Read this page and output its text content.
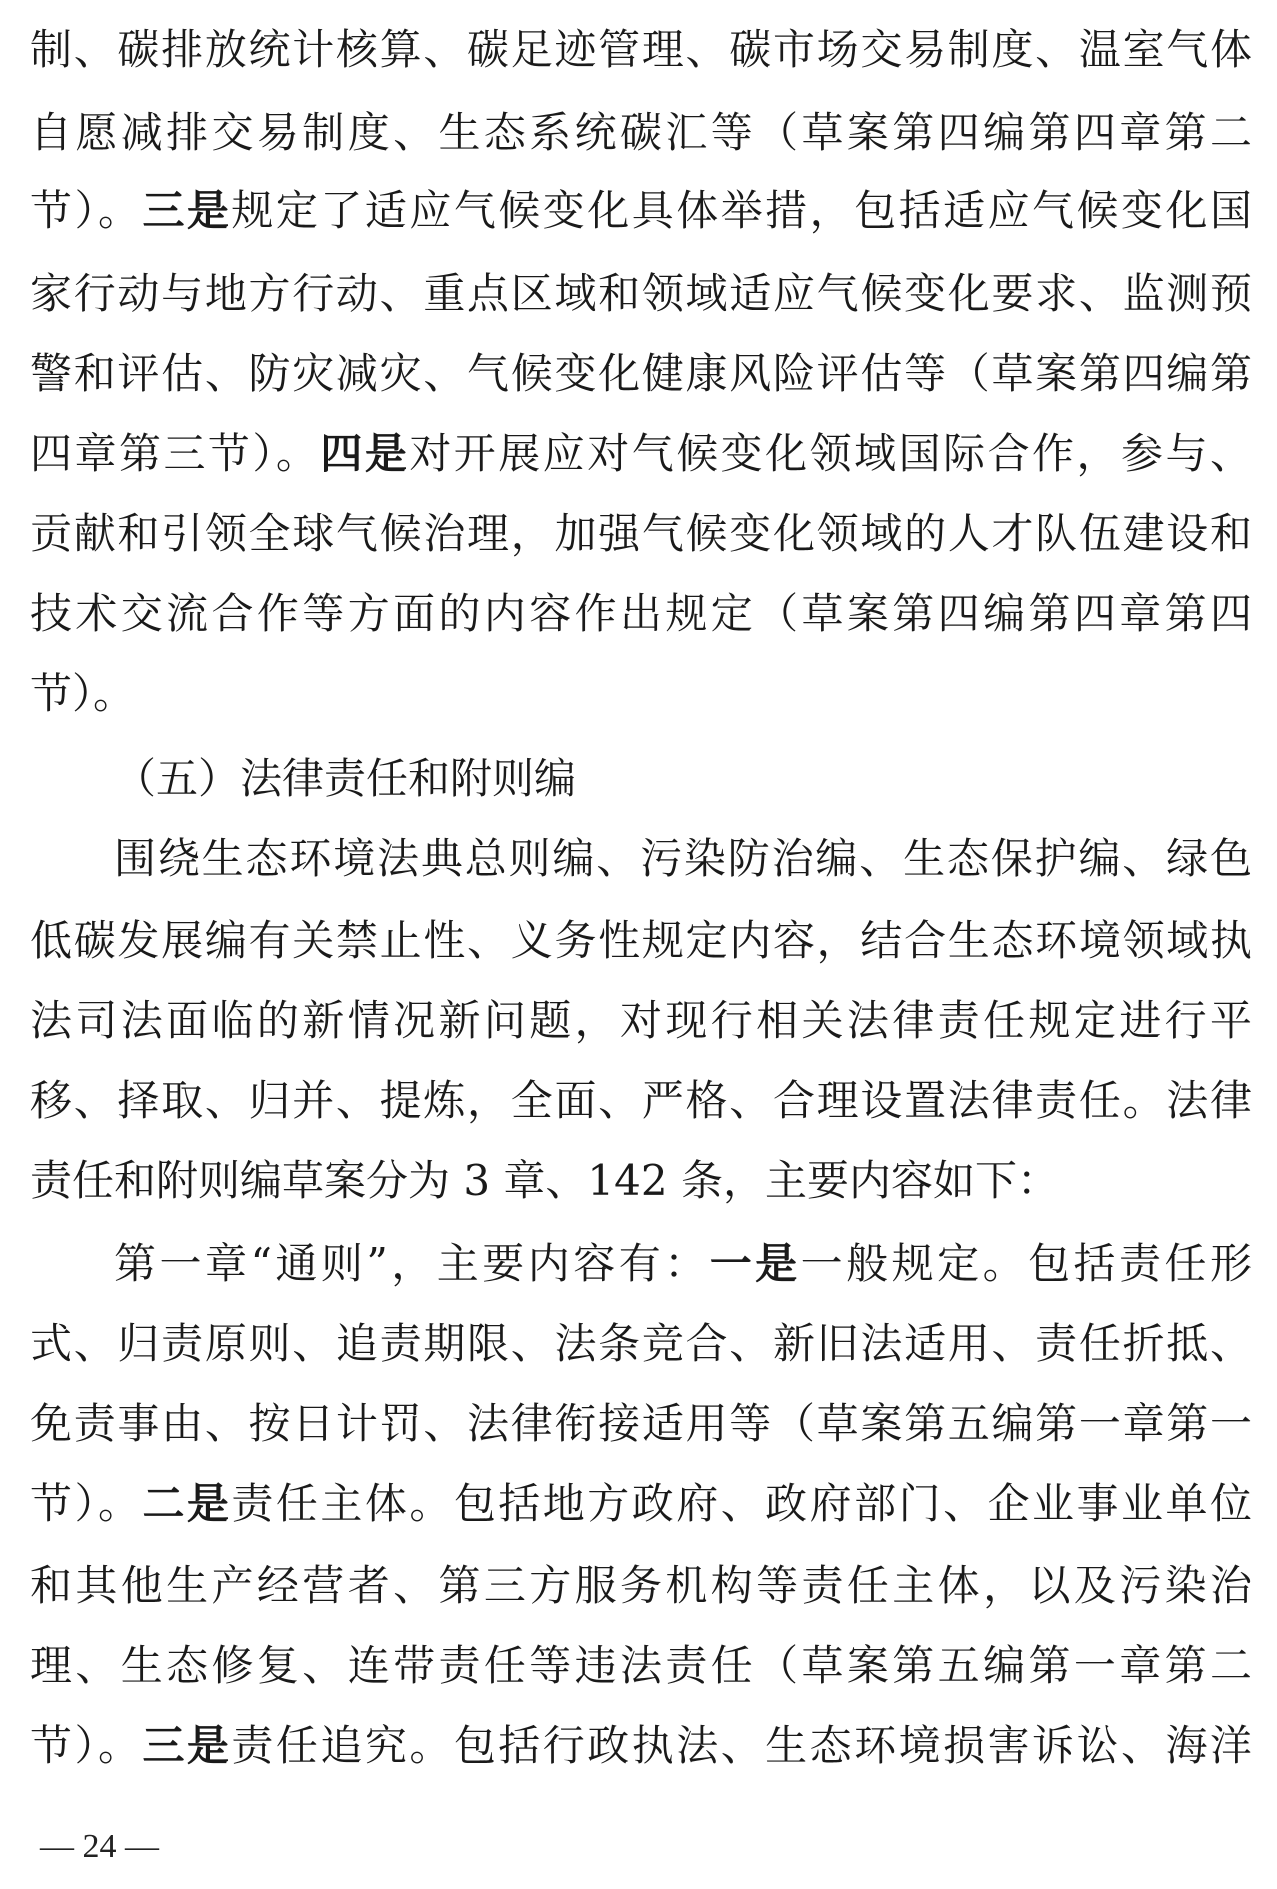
制、碳排放统计核算、碳足迹管理、碳市场交易制度、温室气体
自愿减排交易制度、生态系统碳汇等（草案第四编第四章第二
节）。三是规定了适应气候变化具体举措，包括适应气候变化国
家行动与地方行动、重点区域和领域适应气候变化要求、监测预
警和评估、防灾减灾、气候变化健康风险评估等（草案第四编第
四章第三节）。四是对开展应对气候变化领域国际合作，参与、
贡献和引领全球气候治理，加强气候变化领域的人才队伍建设和
技术交流合作等方面的内容作出规定（草案第四编第四章第四
节）。
（五）法律责任和附则编
围绕生态环境法典总则编、污染防治编、生态保护编、绿色
低碳发展编有关禁止性、义务性规定内容，结合生态环境领域执
法司法面临的新情况新问题，对现行相关法律责任规定进行平
移、择取、归并、提炼，全面、严格、合理设置法律责任。法律
责任和附则编草案分为 3 章、142 条，主要内容如下：
第一章“通则”，主要内容有：一是一般规定。包括责任形
式、归责原则、追责期限、法条竞合、新旧法适用、责任折抵、
免责事由、按日计罚、法律衔接适用等（草案第五编第一章第一
节）。二是责任主体。包括地方政府、政府部门、企业事业单位
和其他生产经营者、第三方服务机构等责任主体，以及污染治
理、生态修复、连带责任等违法责任（草案第五编第一章第二
节）。三是责任追究。包括行政执法、生态环境损害诉讼、海洋
— 24 —
